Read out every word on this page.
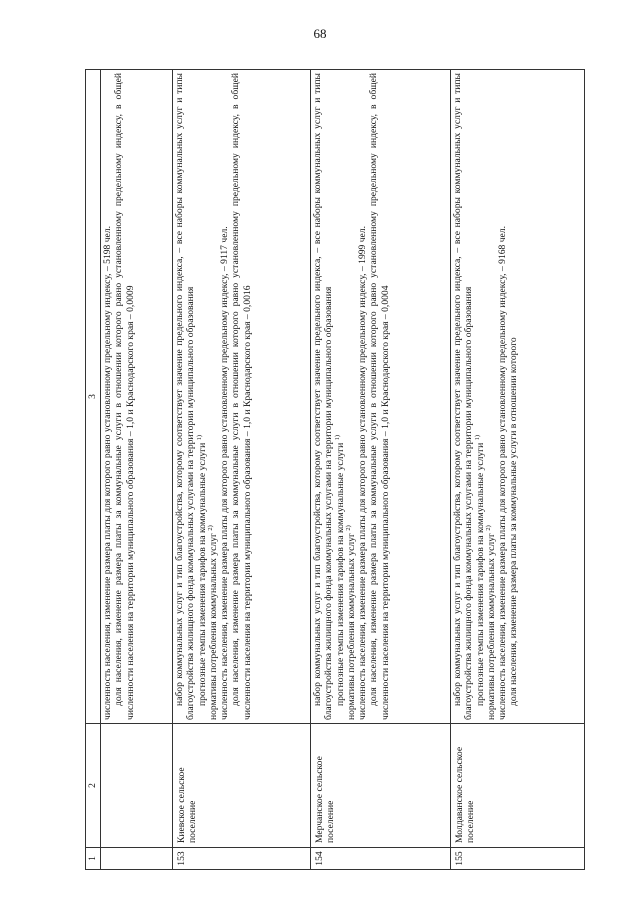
68
1	2	3

		численность населения, изменение размера платы для которого равно установленному предельному индексу, – 5198 чел. доля населения, изменение размера платы за коммунальные услуги в отношении которого равно установленному предельному индексу, в общей численности населения на территории муниципального образования – 1,0 и Краснодарского края – 0,0009

153	Киевское сельское поселение	набор коммунальных услуг и тип благоустройства, которому соответствует значение предельного индекса, – все наборы коммунальных услуг и типы благоустройства жилищного фонда коммунальных услугами на территории муниципального образования прогнозные темпы изменения тарифов на коммунальные услуги $^{1)}$
нормативы потребления коммунальных услуг $^{2)}$ численность населения, изменение размера платы для которого равно установленному предельному индексу, – 9117 чел. доля населения, изменение размера платы за коммунальные услуги в отношении которого равно установленному предельному индексу, в общей численности населения на территории муниципального образования – 1,0 и Краснодарского края – 0,0016

154	Мерчанское сельское поселение	набор коммунальных услуг и тип благоустройства, которому соответствует значение предельного индекса, – все наборы коммунальных услуг и типы благоустройства жилищного фонда коммунальных услугами на территории муниципального образования прогнозные темпы изменения тарифов на коммунальные услуги $^{1)}$
нормативы потребления коммунальных услуг $^{2)}$ численность населения, изменение размера платы для которого равно установленному предельному индексу, – 1999 чел. доля населения, изменение размера платы за коммунальные услуги в отношении которого равно установленному предельному индексу, в общей численности населения на территории муниципального образования – 1,0 и Краснодарского края – 0,0004

155	Молдаванское сельское поселение	набор коммунальных услуг и тип благоустройства, которому соответствует значение предельного индекса, – все наборы коммунальных услуг и типы благоустройства жилищного фонда коммунальных услугами на территории муниципального образования прогнозные темпы изменения тарифов на коммунальные услуги $^{1)}$
нормативы потребления коммунальных услуг $^{2)}$ численность населения, изменение размера платы для которого равно установленному предельному индексу, – 9168 чел. доля населения, изменение размера платы за коммунальные услуги в отношении которого
